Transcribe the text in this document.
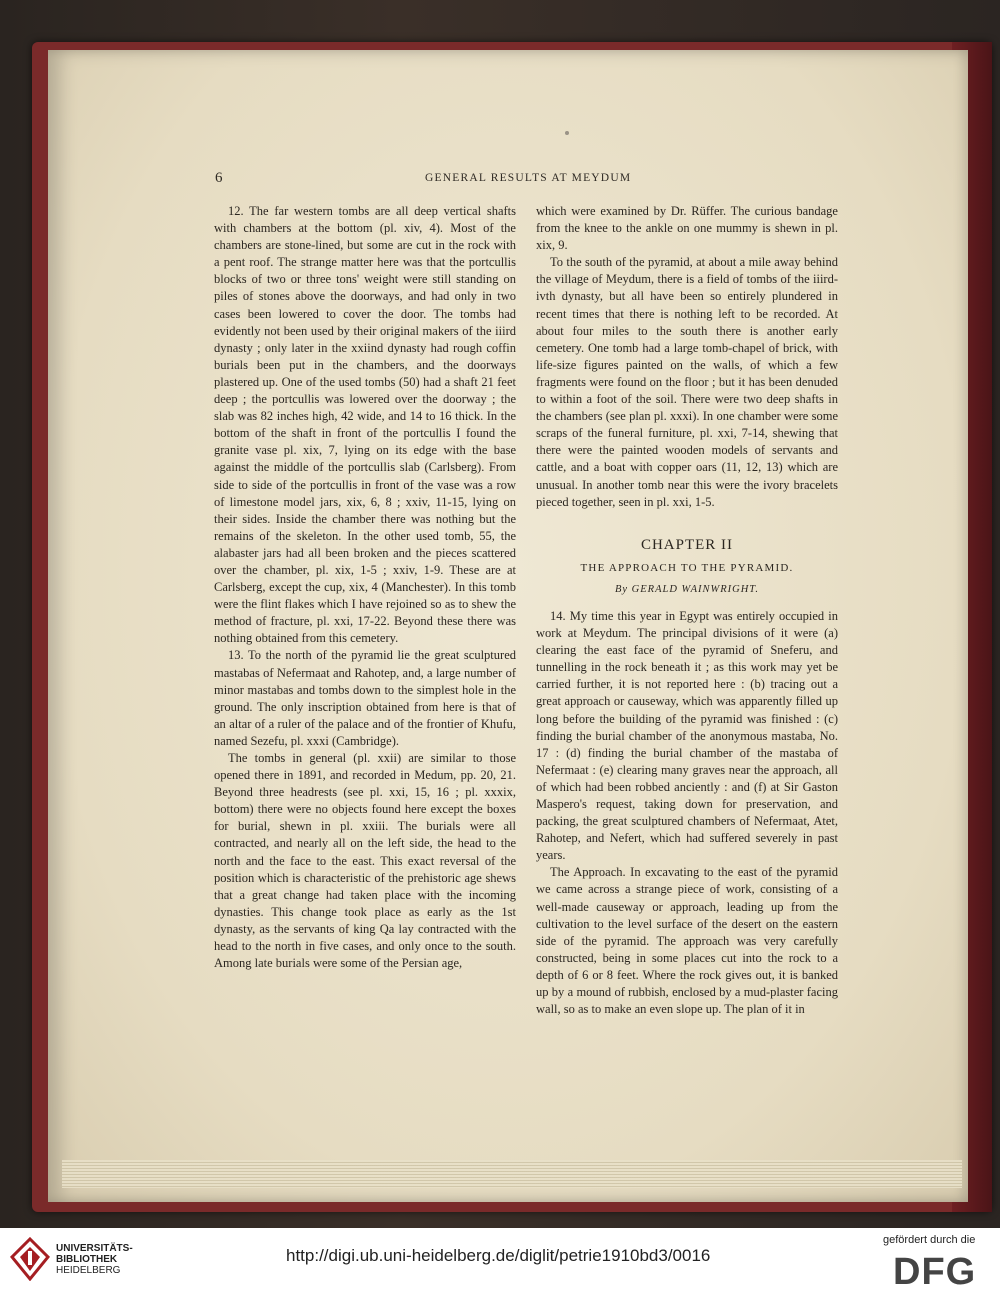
6	GENERAL RESULTS AT MEYDUM

12. The far western tombs are all deep vertical shafts with chambers at the bottom (pl. xiv, 4). Most of the chambers are stone-lined, but some are cut in the rock with a pent roof. The strange matter here was that the portcullis blocks of two or three tons' weight were still standing on piles of stones above the doorways, and had only in two cases been lowered to cover the door. The tombs had evidently not been used by their original makers of the iiird dynasty ; only later in the xxiind dynasty had rough coffin burials been put in the chambers, and the doorways plastered up. One of the used tombs (50) had a shaft 21 feet deep ; the portcullis was lowered over the doorway ; the slab was 82 inches high, 42 wide, and 14 to 16 thick. In the bottom of the shaft in front of the portcullis I found the granite vase pl. xix, 7, lying on its edge with the base against the middle of the portcullis slab (Carlsberg). From side to side of the portcullis in front of the vase was a row of limestone model jars, xix, 6, 8 ; xxiv, 11-15, lying on their sides. Inside the chamber there was nothing but the remains of the skeleton. In the other used tomb, 55, the alabaster jars had all been broken and the pieces scattered over the chamber, pl. xix, 1-5 ; xxiv, 1-9. These are at Carlsberg, except the cup, xix, 4 (Manchester). In this tomb were the flint flakes which I have rejoined so as to shew the method of fracture, pl. xxi, 17-22. Beyond these there was nothing obtained from this cemetery.

13. To the north of the pyramid lie the great sculptured mastabas of Nefermaat and Rahotep, and, a large number of minor mastabas and tombs down to the simplest hole in the ground. The only inscription obtained from here is that of an altar of a ruler of the palace and of the frontier of Khufu, named Sezefu, pl. xxxi (Cambridge).

The tombs in general (pl. xxii) are similar to those opened there in 1891, and recorded in Medum, pp. 20, 21. Beyond three headrests (see pl. xxi, 15, 16 ; pl. xxxix, bottom) there were no objects found here except the boxes for burial, shewn in pl. xxiii. The burials were all contracted, and nearly all on the left side, the head to the north and the face to the east. This exact reversal of the position which is characteristic of the prehistoric age shews that a great change had taken place with the incoming dynasties. This change took place as early as the 1st dynasty, as the servants of king Qa lay contracted with the head to the north in five cases, and only once to the south. Among late burials were some of the Persian age,

which were examined by Dr. Rüffer. The curious bandage from the knee to the ankle on one mummy is shewn in pl. xix, 9.

To the south of the pyramid, at about a mile away behind the village of Meydum, there is a field of tombs of the iiird-ivth dynasty, but all have been so entirely plundered in recent times that there is nothing left to be recorded. At about four miles to the south there is another early cemetery. One tomb had a large tomb-chapel of brick, with life-size figures painted on the walls, of which a few fragments were found on the floor ; but it has been denuded to within a foot of the soil. There were two deep shafts in the chambers (see plan pl. xxxi). In one chamber were some scraps of the funeral furniture, pl. xxi, 7-14, shewing that there were the painted wooden models of servants and cattle, and a boat with copper oars (11, 12, 13) which are unusual. In another tomb near this were the ivory bracelets pieced together, seen in pl. xxi, 1-5.

CHAPTER II
THE APPROACH TO THE PYRAMID.
By GERALD WAINWRIGHT.

14. My time this year in Egypt was entirely occupied in work at Meydum. The principal divisions of it were (a) clearing the east face of the pyramid of Sneferu, and tunnelling in the rock beneath it ; as this work may yet be carried further, it is not reported here : (b) tracing out a great approach or causeway, which was apparently filled up long before the building of the pyramid was finished : (c) finding the burial chamber of the anonymous mastaba, No. 17 : (d) finding the burial chamber of the mastaba of Nefermaat : (e) clearing many graves near the approach, all of which had been robbed anciently : and (f) at Sir Gaston Maspero's request, taking down for preservation, and packing, the great sculptured chambers of Nefermaat, Atet, Rahotep, and Nefert, which had suffered severely in past years.

The Approach. In excavating to the east of the pyramid we came across a strange piece of work, consisting of a well-made causeway or approach, leading up from the cultivation to the level surface of the desert on the eastern side of the pyramid. The approach was very carefully constructed, being in some places cut into the rock to a depth of 6 or 8 feet. Where the rock gives out, it is banked up by a mound of rubbish, enclosed by a mud-plaster facing wall, so as to make an even slope up. The plan of it in

UNIVERSITÄTS-
BIBLIOTHEK
HEIDELBERG
http://digi.ub.uni-heidelberg.de/diglit/petrie1910bd3/0016
gefördert durch die
DFG
